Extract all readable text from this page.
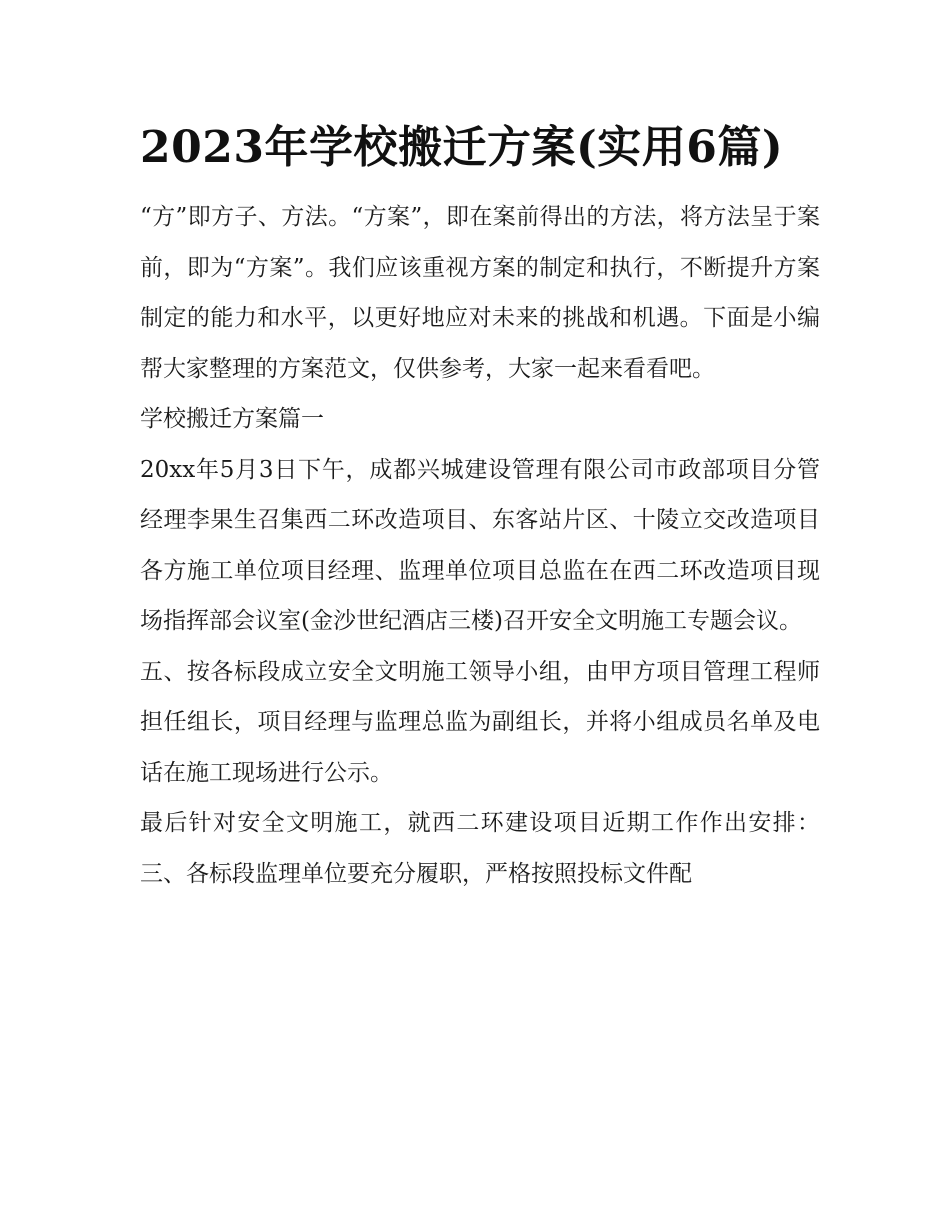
2023年学校搬迁方案(实用6篇)

“方”即方子、方法。“方案”，即在案前得出的方法，将方法呈于案前，即为“方案”。我们应该重视方案的制定和执行，不断提升方案制定的能力和水平，以更好地应对未来的挑战和机遇。下面是小编帮大家整理的方案范文，仅供参考，大家一起来看看吧。

学校搬迁方案篇一

20xx年5月3日下午，成都兴城建设管理有限公司市政部项目分管经理李果生召集西二环改造项目、东客站片区、十陵立交改造项目各方施工单位项目经理、监理单位项目总监在在西二环改造项目现场指挥部会议室(金沙世纪酒店三楼)召开安全文明施工专题会议。

五、按各标段成立安全文明施工领导小组，由甲方项目管理工程师担任组长，项目经理与监理总监为副组长，并将小组成员名单及电话在施工现场进行公示。

最后针对安全文明施工，就西二环建设项目近期工作作出安排： 三、各标段监理单位要充分履职，严格按照投标文件配
